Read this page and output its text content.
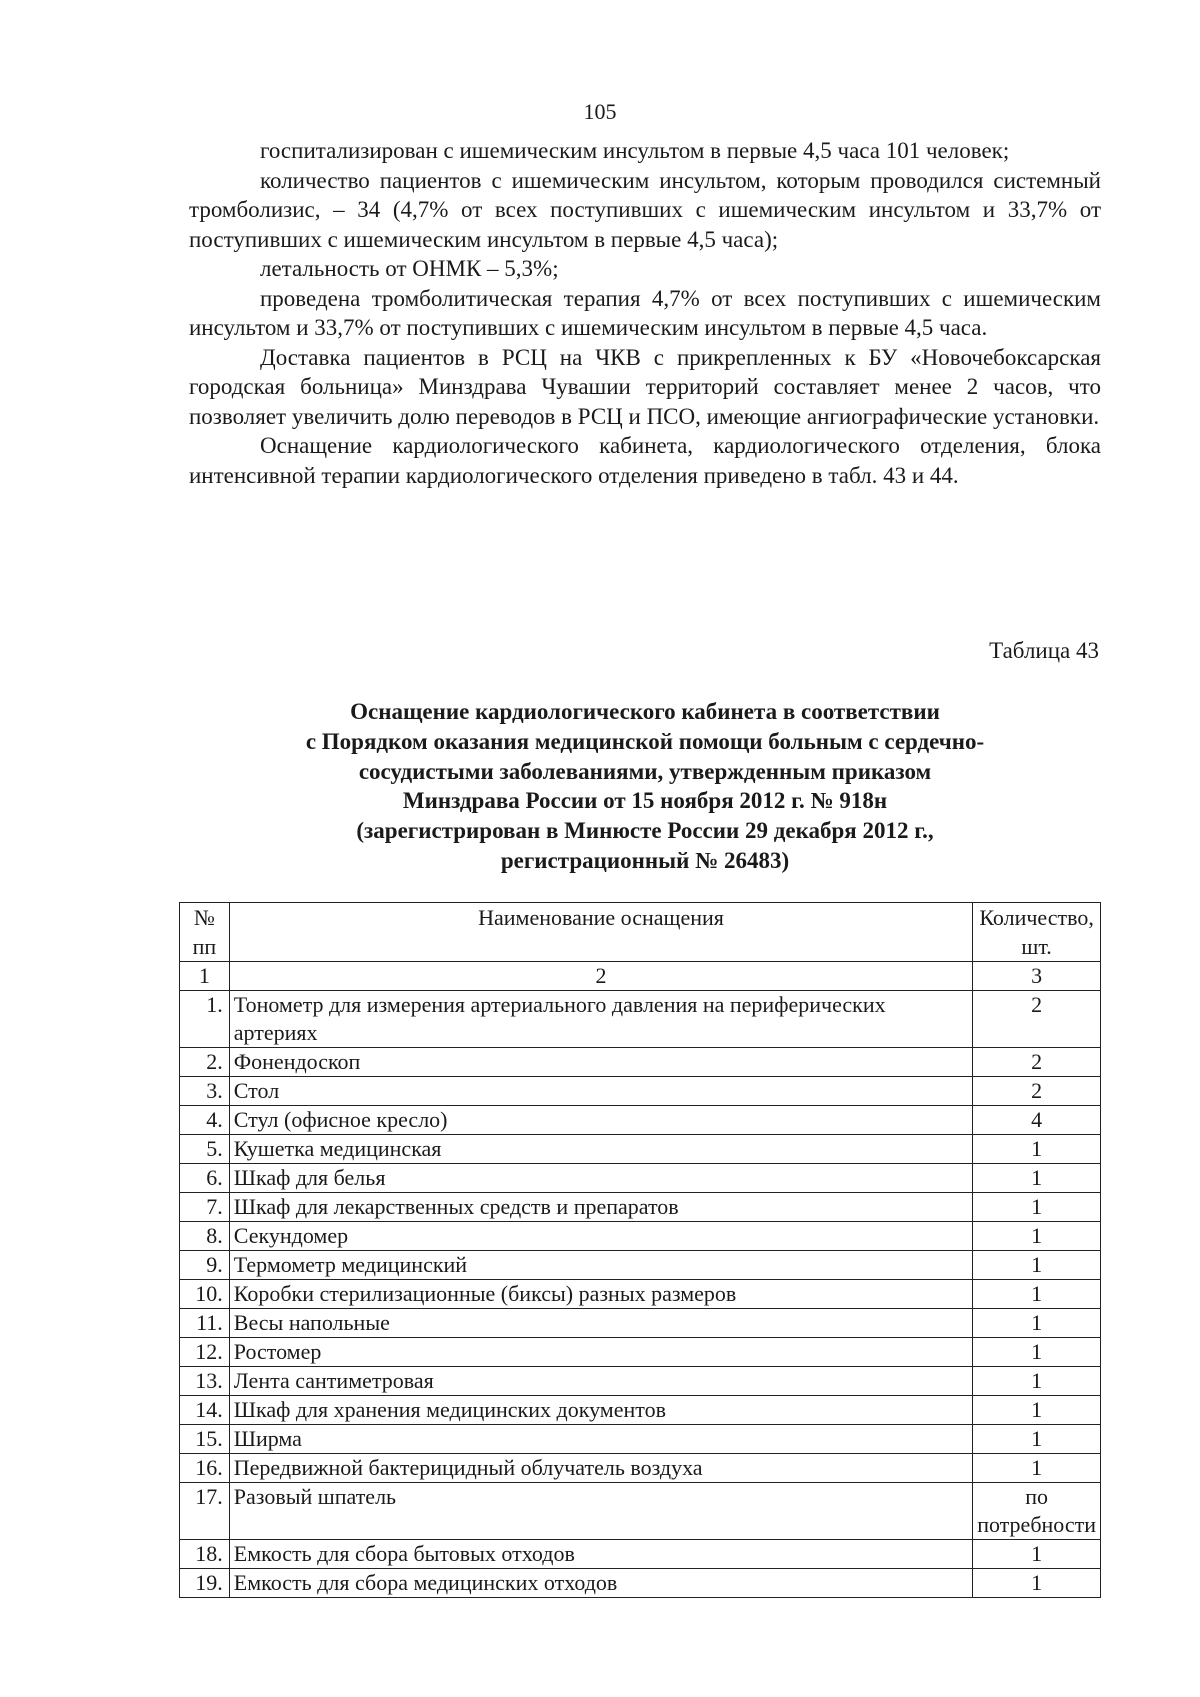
105

госпитализирован с ишемическим инсультом в первые 4,5 часа 101 человек;

количество пациентов с ишемическим инсультом, которым проводился системный тромболизис, – 34 (4,7% от всех поступивших с ишемическим инсультом и 33,7% от поступивших с ишемическим инсультом в первые 4,5 часа);

летальность от ОНМК – 5,3%;

проведена тромболитическая терапия 4,7% от всех поступивших с ишемическим инсультом и 33,7% от поступивших с ишемическим инсультом в первые 4,5 часа.

Доставка пациентов в РСЦ на ЧКВ с прикрепленных к БУ «Новочебоксарская городская больница» Минздрава Чувашии территорий составляет менее 2 часов, что позволяет увеличить долю переводов в РСЦ и ПСО, имеющие ангиографические установки.

Оснащение кардиологического кабинета, кардиологического отделения, блока интенсивной терапии кардиологического отделения приведено в табл. 43 и 44.

Таблица 43
Оснащение кардиологического кабинета в соответствии
с Порядком оказания медицинской помощи больным с сердечно-
сосудистыми заболеваниями, утвержденным приказом
Минздрава России от 15 ноября 2012 г. № 918н
(зарегистрирован в Минюсте России 29 декабря 2012 г.,
регистрационный № 26483)
№ пп	Наименование оснащения	Количество, шт.
1	2	3
1.	Тонометр для измерения артериального давления на периферических артериях	2
2.	Фонендоскоп	2
3.	Стол	2
4.	Стул (офисное кресло)	4
5.	Кушетка медицинская	1
6.	Шкаф для белья	1
7.	Шкаф для лекарственных средств и препаратов	1
8.	Секундомер	1
9.	Термометр медицинский	1
10.	Коробки стерилизационные (биксы) разных размеров	1
11.	Весы напольные	1
12.	Ростомер	1
13.	Лента сантиметровая	1
14.	Шкаф для хранения медицинских документов	1
15.	Ширма	1
16.	Передвижной бактерицидный облучатель воздуха	1
17.	Разовый шпатель	по потребности
18.	Емкость для сбора бытовых отходов	1
19.	Емкость для сбора медицинских отходов	1
